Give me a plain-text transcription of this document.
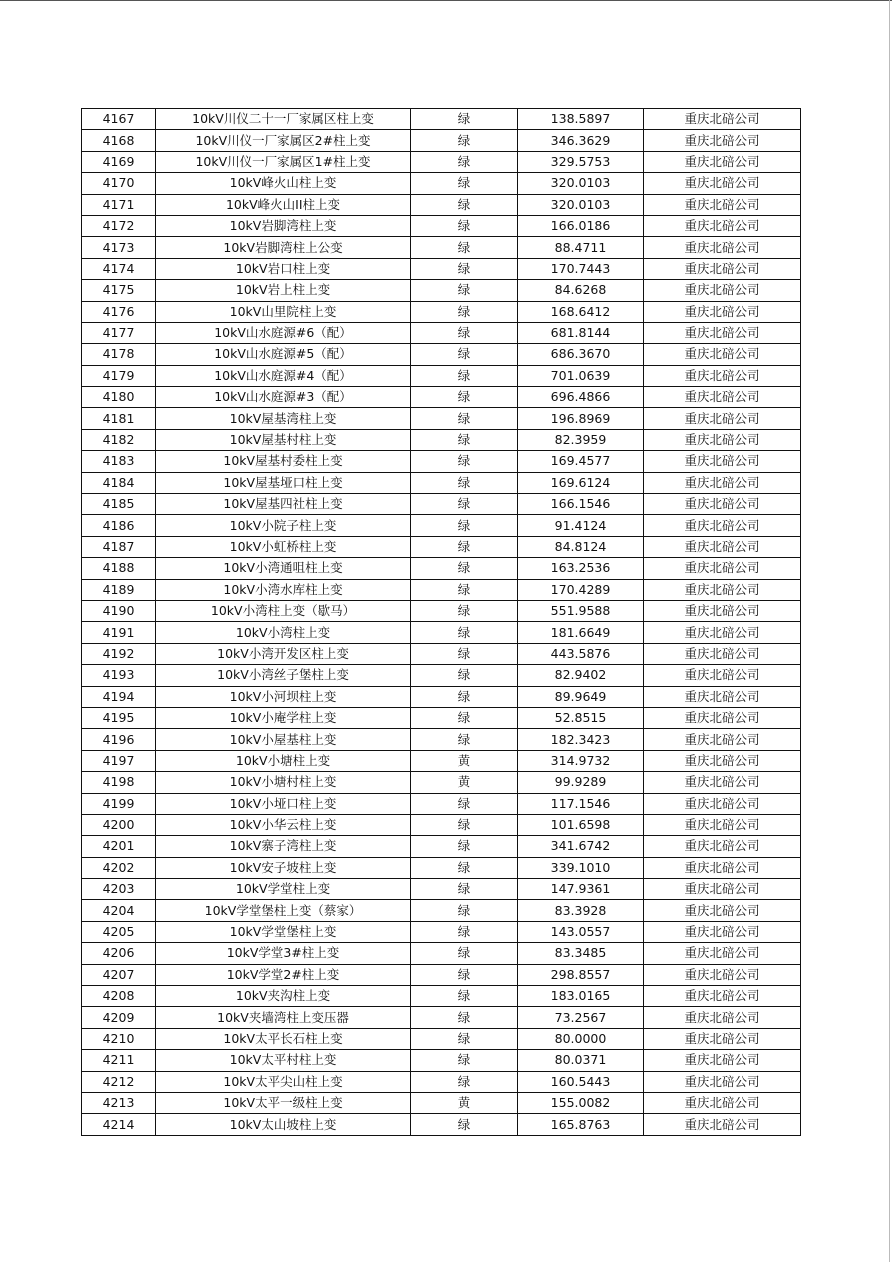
4167	10kV川仪二十一厂家属区柱上变	绿	138.5897	重庆北碚公司
4168	10kV川仪一厂家属区2#柱上变	绿	346.3629	重庆北碚公司
4169	10kV川仪一厂家属区1#柱上变	绿	329.5753	重庆北碚公司
4170	10kV峰火山柱上变	绿	320.0103	重庆北碚公司
4171	10kV峰火山II柱上变	绿	320.0103	重庆北碚公司
4172	10kV岩脚湾柱上变	绿	166.0186	重庆北碚公司
4173	10kV岩脚湾柱上公变	绿	88.4711	重庆北碚公司
4174	10kV岩口柱上变	绿	170.7443	重庆北碚公司
4175	10kV岩上柱上变	绿	84.6268	重庆北碚公司
4176	10kV山里院柱上变	绿	168.6412	重庆北碚公司
4177	10kV山水庭源#6（配）	绿	681.8144	重庆北碚公司
4178	10kV山水庭源#5（配）	绿	686.3670	重庆北碚公司
4179	10kV山水庭源#4（配）	绿	701.0639	重庆北碚公司
4180	10kV山水庭源#3（配）	绿	696.4866	重庆北碚公司
4181	10kV屋基湾柱上变	绿	196.8969	重庆北碚公司
4182	10kV屋基村柱上变	绿	82.3959	重庆北碚公司
4183	10kV屋基村委柱上变	绿	169.4577	重庆北碚公司
4184	10kV屋基垭口柱上变	绿	169.6124	重庆北碚公司
4185	10kV屋基四社柱上变	绿	166.1546	重庆北碚公司
4186	10kV小院子柱上变	绿	91.4124	重庆北碚公司
4187	10kV小虹桥柱上变	绿	84.8124	重庆北碚公司
4188	10kV小湾通咀柱上变	绿	163.2536	重庆北碚公司
4189	10kV小湾水库柱上变	绿	170.4289	重庆北碚公司
4190	10kV小湾柱上变（歇马）	绿	551.9588	重庆北碚公司
4191	10kV小湾柱上变	绿	181.6649	重庆北碚公司
4192	10kV小湾开发区柱上变	绿	443.5876	重庆北碚公司
4193	10kV小湾丝子堡柱上变	绿	82.9402	重庆北碚公司
4194	10kV小河坝柱上变	绿	89.9649	重庆北碚公司
4195	10kV小庵学柱上变	绿	52.8515	重庆北碚公司
4196	10kV小屋基柱上变	绿	182.3423	重庆北碚公司
4197	10kV小塘柱上变	黄	314.9732	重庆北碚公司
4198	10kV小塘村柱上变	黄	99.9289	重庆北碚公司
4199	10kV小垭口柱上变	绿	117.1546	重庆北碚公司
4200	10kV小华云柱上变	绿	101.6598	重庆北碚公司
4201	10kV寨子湾柱上变	绿	341.6742	重庆北碚公司
4202	10kV安子坡柱上变	绿	339.1010	重庆北碚公司
4203	10kV学堂柱上变	绿	147.9361	重庆北碚公司
4204	10kV学堂堡柱上变（蔡家）	绿	83.3928	重庆北碚公司
4205	10kV学堂堡柱上变	绿	143.0557	重庆北碚公司
4206	10kV学堂3#柱上变	绿	83.3485	重庆北碚公司
4207	10kV学堂2#柱上变	绿	298.8557	重庆北碚公司
4208	10kV夹沟柱上变	绿	183.0165	重庆北碚公司
4209	10kV夹墙湾柱上变压器	绿	73.2567	重庆北碚公司
4210	10kV太平长石柱上变	绿	80.0000	重庆北碚公司
4211	10kV太平村柱上变	绿	80.0371	重庆北碚公司
4212	10kV太平尖山柱上变	绿	160.5443	重庆北碚公司
4213	10kV太平一级柱上变	黄	155.0082	重庆北碚公司
4214	10kV太山坡柱上变	绿	165.8763	重庆北碚公司
